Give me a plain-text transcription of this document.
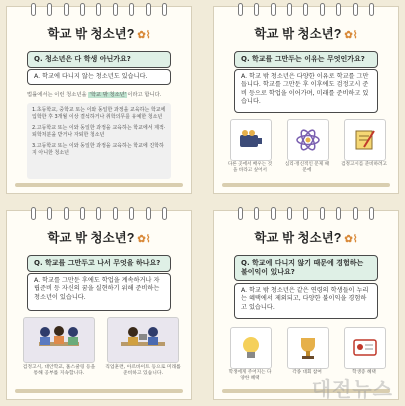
학교 밖 청소년? ✿⌇
Q. 청소년은 다 학생 아닌가요?
A. 학교에 다니지 않는 청소년도 있습니다.
법률에서는 이런 청소년을 '학교 밖 청소년'이라고 합니다.

1.초등학교, 중학교 또는 이와 동일한 과정을 교육하는 학교에 입학한 후 3개월 이상 결석하거나 취학의무를 유예한 청소년

2.고등학교 또는 이와 동일한 과정을 교육하는 학교에서 제적·퇴학처분을 받거나 자퇴한 청소년

3.고등학교 또는 이와 동일한 과정을 교육하는 학교에 진학하지 아니한 청소년

학교 밖 청소년? ✿⌇
Q. 학교를 그만두는 이유는 무엇인가요?
A. 학교 밖 청소년은 다양한 이유로 학교를 그만둡니다. 학교를 그만둔 후 이후에도 검정고시 준비 등으로 학업을 이어가며, 미래를 준비하고 있습니다.
다른 곳에서 배우는 것을 바라고 싶어서
심리·정신적인 문제 때문에
검정고시를 준비하려고
학교 밖 청소년? ✿⌇
Q. 학교를 그만두고 나서 무엇을 하나요?
A. 학교를 그만둔 후에도 학업을 계속하거나 자립준비 등 자신의 꿈을 실현하기 위해 준비하는 청소년이 있습니다.
검정고시, 대안학교, 홈스쿨링 등을 통해 공부를 지속합니다.
직업훈련, 아르바이트 등으로 미래를 준비하고 있습니다.
학교 밖 청소년? ✿⌇
Q. 학교에 다니지 않기 때문에 경험하는 불이익이 있나요?
A. 학교 밖 청소년은 같은 연령의 학생들이 누리는 혜택에서 제외되고, 다양한 불이익을 경험하고 있습니다.
학생에게 주어지는 다양한 혜택
각종 대회 참여	학생증 혜택
대전뉴스
